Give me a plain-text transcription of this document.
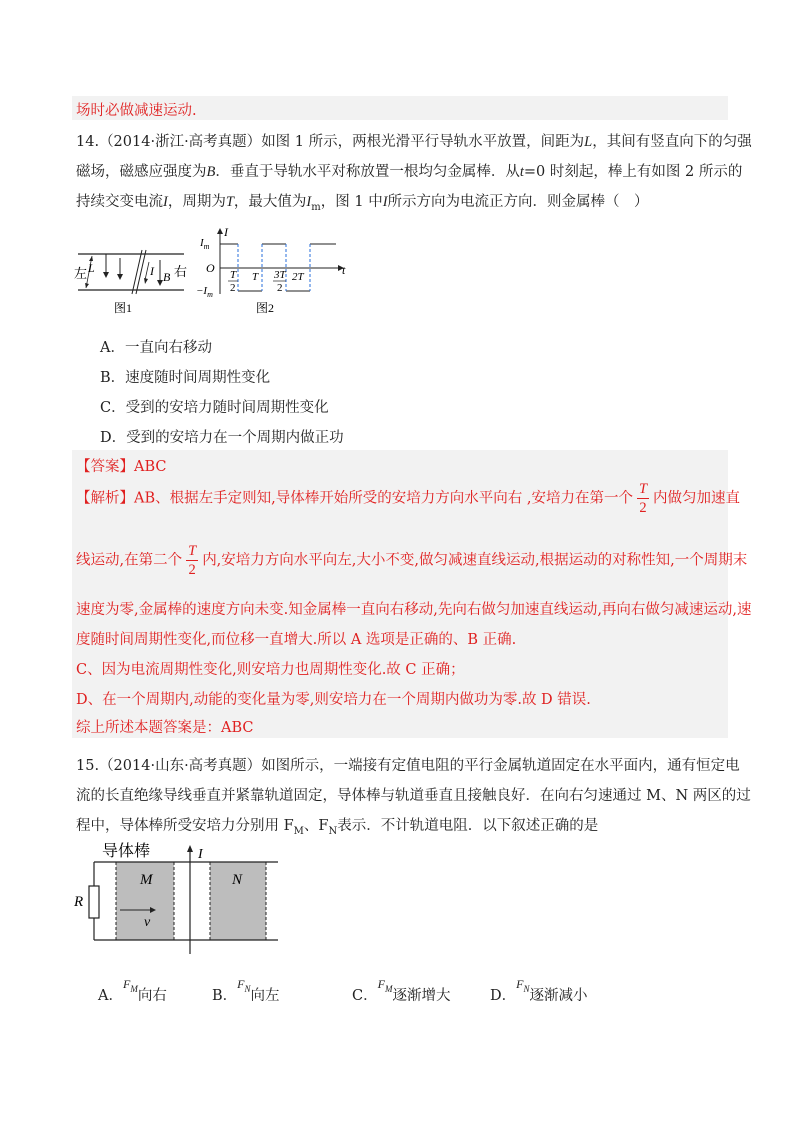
场时必做减速运动.
14.（2014·浙江·高考真题）如图 1 所示，两根光滑平行导轨水平放置，间距为L，其间有竖直向下的匀强
磁场，磁感应强度为B．垂直于导轨水平对称放置一根均匀金属棒．从t=0 时刻起，棒上有如图 2 所示的
持续交变电流I，周期为T，最大值为$I_m$，图 1 中I所示方向为电流正方向．则金属棒（　）
左 L	I B 右
图1
$I_m$
I
O
$-I_m$
t
T
2
T 3T
2
2T
图2
A．一直向右移动
B．速度随时间周期性变化
C．受到的安培力随时间周期性变化
D．受到的安培力在一个周期内做正功
【答案】ABC
【解析】AB、根据左手定则知,导体棒开始所受的安培力方向水平向右 ,安培力在第一个 $\frac{T}{2}$ 内做匀加速直
线运动,在第二个 $\frac{T}{2}$ 内,安培力方向水平向左,大小不变,做匀减速直线运动,根据运动的对称性知,一个周期末
速度为零,金属棒的速度方向未变.知金属棒一直向右移动,先向右做匀加速直线运动,再向右做匀减速运动,速
度随时间周期性变化,而位移一直增大.所以 A 选项是正确的、B 正确.
C、因为电流周期性变化,则安培力也周期性变化.故 C 正确；
D、在一个周期内,动能的变化量为零,则安培力在一个周期内做功为零.故 D 错误.
综上所述本题答案是：ABC
15.（2014·山东·高考真题）如图所示，一端接有定值电阻的平行金属轨道固定在水平面内，通有恒定电
流的长直绝缘导线垂直并紧靠轨道固定，导体棒与轨道垂直且接触良好．在向右匀速通过 M、N 两区的过
程中，导体棒所受安培力分别用 $F_M$、$F_N$表示．不计轨道电阻．以下叙述正确的是
导体棒	I
M	N
R
v
A．$F_M$向右	B．$F_N$向左	C．$F_M$逐渐增大	D．$F_N$逐渐减小
